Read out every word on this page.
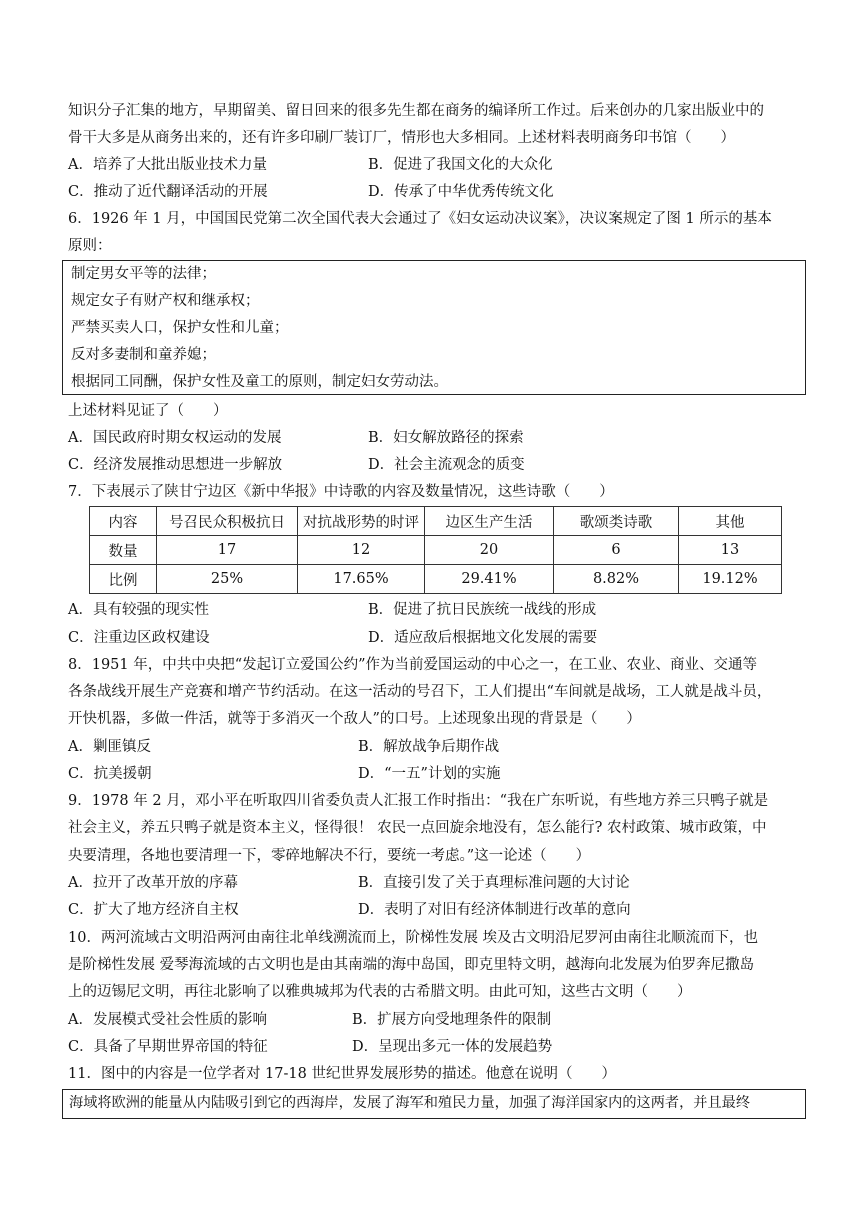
知识分子汇集的地方，早期留美、留日回来的很多先生都在商务的编译所工作过。后来创办的几家出版业中的
骨干大多是从商务出来的，还有许多印刷厂装订厂，情形也大多相同。上述材料表明商务印书馆（　　）
A．培养了大批出版业技术力量	B．促进了我国文化的大众化
C．推动了近代翻译活动的开展	D．传承了中华优秀传统文化
6．1926 年 1 月，中国国民党第二次全国代表大会通过了《妇女运动决议案》，决议案规定了图 1 所示的基本
原则：
制定男女平等的法律；
规定女子有财产权和继承权；
严禁买卖人口，保护女性和儿童；
反对多妻制和童养媳；
根据同工同酬，保护女性及童工的原则，制定妇女劳动法。
上述材料见证了（　　）
A．国民政府时期女权运动的发展	B．妇女解放路径的探索
C．经济发展推动思想进一步解放	D．社会主流观念的质变
7．下表展示了陕甘宁边区《新中华报》中诗歌的内容及数量情况，这些诗歌（　　）
内容	号召民众积极抗日	对抗战形势的时评	边区生产生活	歌颂类诗歌	其他
数量	17	12	20	6	13
比例	25%	17.65%	29.41%	8.82%	19.12%
A．具有较强的现实性	B．促进了抗日民族统一战线的形成
C．注重边区政权建设	D．适应敌后根据地文化发展的需要
8．1951 年，中共中央把“发起订立爱国公约”作为当前爱国运动的中心之一，在工业、农业、商业、交通等
各条战线开展生产竞赛和增产节约活动。在这一活动的号召下，工人们提出“车间就是战场，工人就是战斗员，
开快机器，多做一件活，就等于多消灭一个敌人”的口号。上述现象出现的背景是（　　）
A．剿匪镇反	B．解放战争后期作战
C．抗美援朝	D．“一五”计划的实施
9．1978 年 2 月，邓小平在听取四川省委负责人汇报工作时指出：“我在广东听说，有些地方养三只鸭子就是
社会主义，养五只鸭子就是资本主义，怪得很！ 农民一点回旋余地没有，怎么能行? 农村政策、城市政策，中
央要清理，各地也要清理一下，零碎地解决不行，要统一考虑。”这一论述（　　）
A．拉开了改革开放的序幕	B．直接引发了关于真理标准问题的大讨论
C．扩大了地方经济自主权	D．表明了对旧有经济体制进行改革的意向
10．两河流域古文明沿两河由南往北单线溯流而上，阶梯性发展 埃及古文明沿尼罗河由南往北顺流而下，也
是阶梯性发展 爱琴海流域的古文明也是由其南端的海中岛国，即克里特文明，越海向北发展为伯罗奔尼撒岛
上的迈锡尼文明，再往北影响了以雅典城邦为代表的古希腊文明。由此可知，这些古文明（　　）
A．发展模式受社会性质的影响	B．扩展方向受地理条件的限制
C．具备了早期世界帝国的特征	D．呈现出多元一体的发展趋势
11．图中的内容是一位学者对 17-18 世纪世界发展形势的描述。他意在说明（　　）
海域将欧洲的能量从内陆吸引到它的西海岸，发展了海军和殖民力量，加强了海洋国家内的这两者，并且最终
